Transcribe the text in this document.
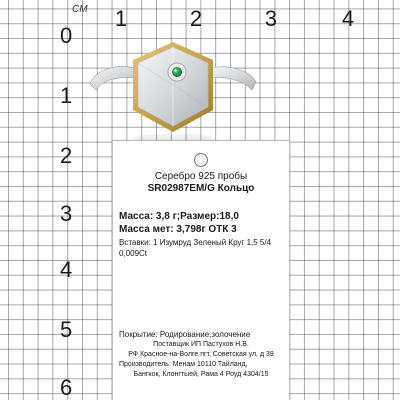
CM 1	2	3	4
0
1
2
3
4
5
6
Серебро 925 пробы
SR02987EM/G Кольцо
Масса: 3,8 г;Размер:18,0
Масса мет: 3,798г ОТК 3
Вставки: 1 Изумруд Зеленый Круг 1,5 5/4
0,009Ct
Покрытие: Родирование,золочение
Поставщик ИП Пастухов Н.В.
РФ Красное-на-Волге пгт, Советская ул, д 39
Производитель: Менам 10110 Тайланд,
Бангкок, Клонгтыей, Рама 4 Роуд 4304/15
